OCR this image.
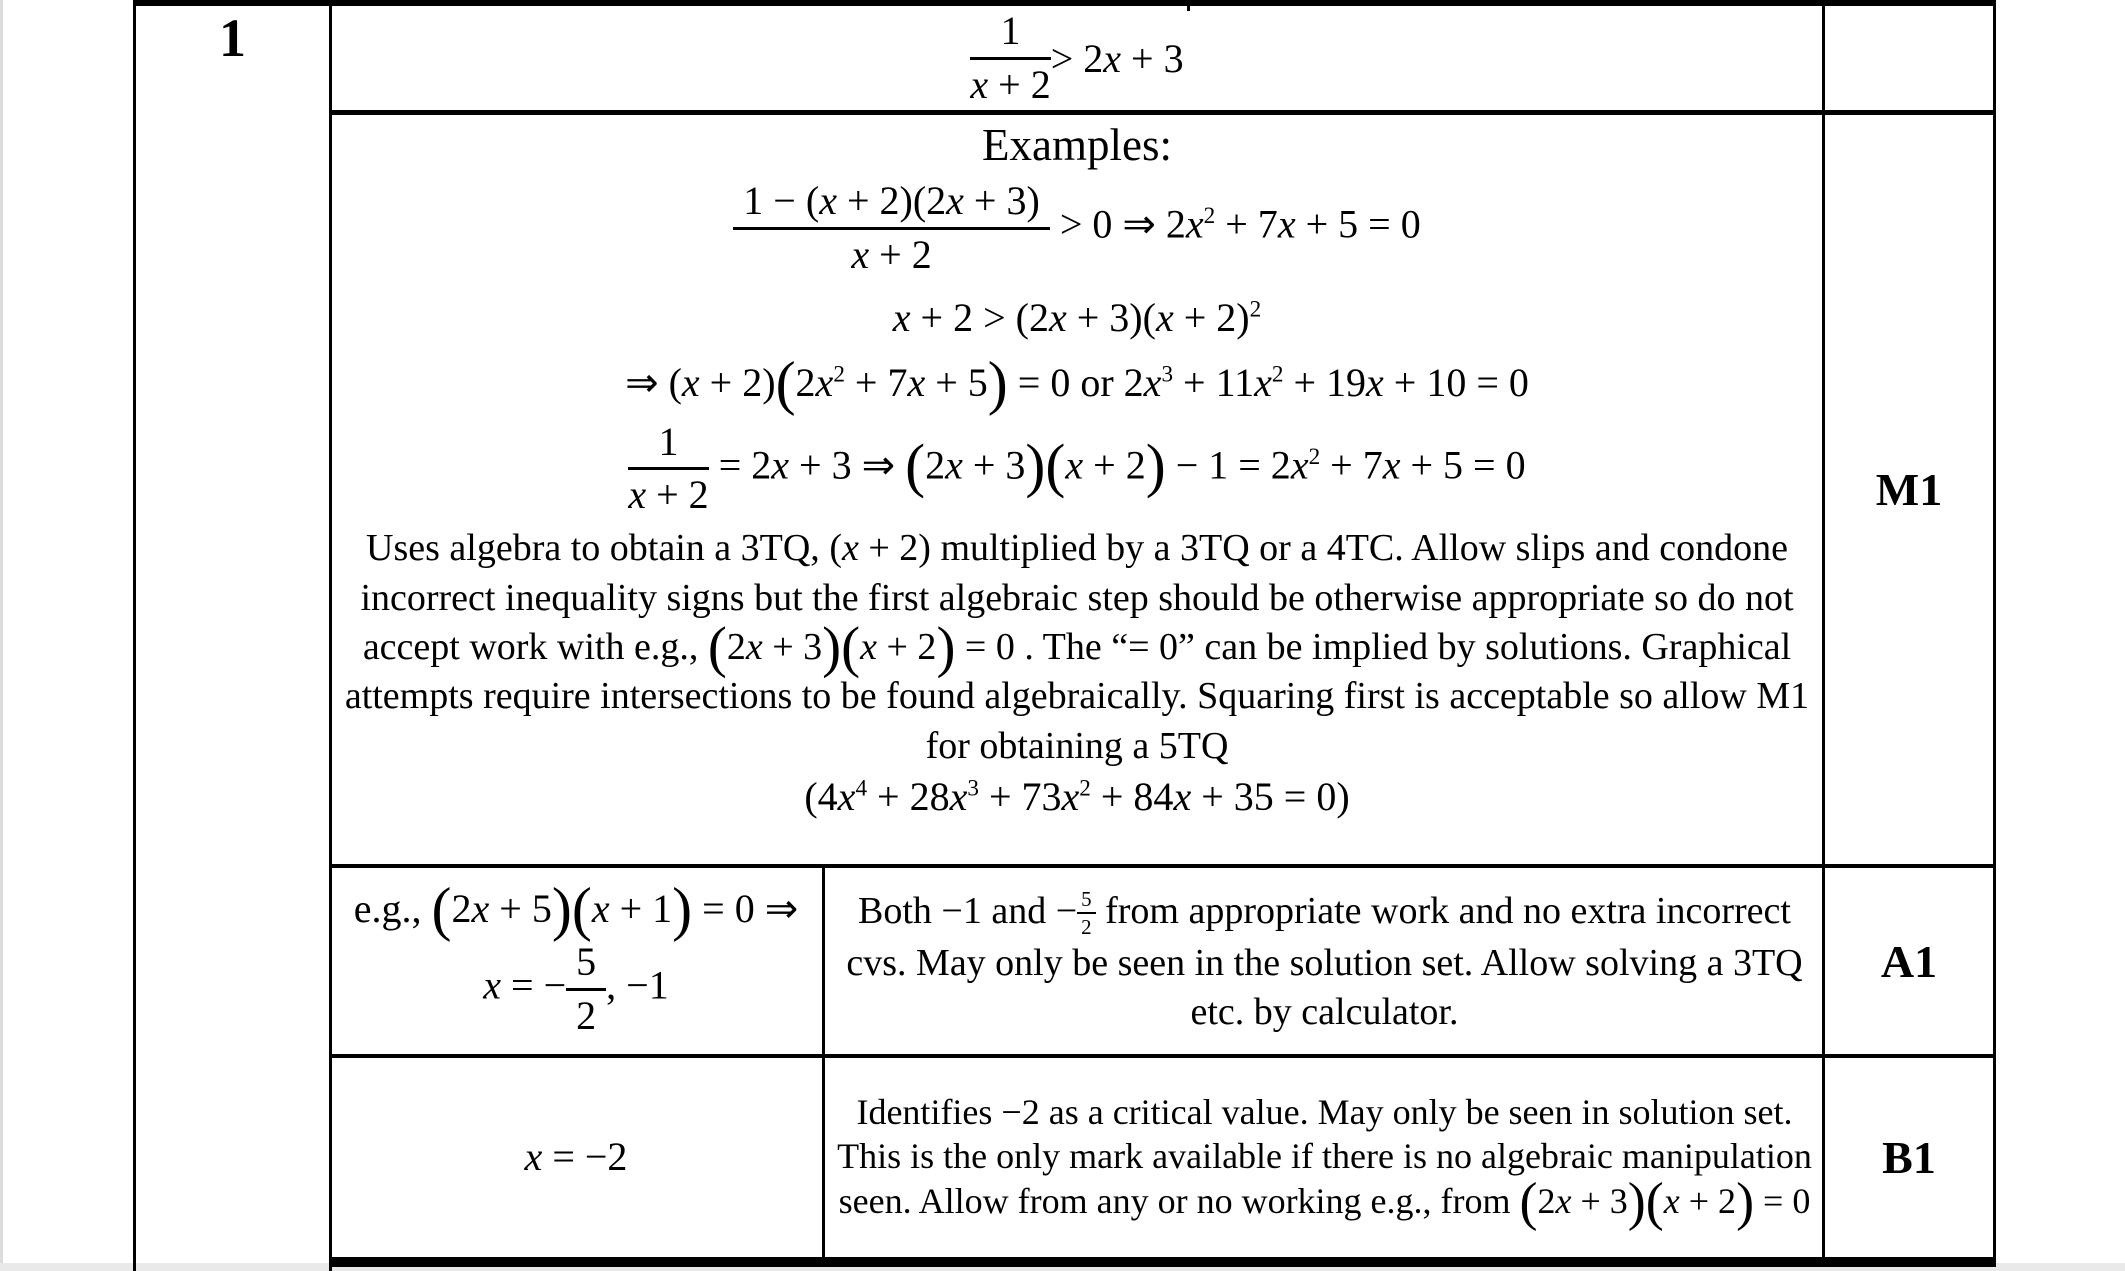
1	$\frac{1}{x + 2} > 2x + 3$
Examples:
$\frac{1 - (x + 2)(2x + 3)}{x + 2} > 0$ ⇒ $2x^2 + 7x + 5 = 0$
$x + 2 > (2x + 3)(x + 2)^2$
⇒ $(x + 2)(2x^2 + 7x + 5) = 0$ or $2x^3 + 11x^2 + 19x + 10 = 0$
$\frac{1}{x + 2} = 2x + 3$ ⇒ $(2x + 3)(x + 2) - 1 = 2x^2 + 7x + 5 = 0$
Uses algebra to obtain a 3TQ, (x + 2) multiplied by a 3TQ or a 4TC. Allow slips and condone incorrect inequality signs but the first algebraic step should be otherwise appropriate so do not accept work with e.g., (2x + 3)(x + 2) = 0 . The “= 0” can be implied by solutions. Graphical attempts require intersections to be found algebraically. Squaring first is acceptable so allow M1 for obtaining a 5TQ
$(4x^4 + 28x^3 + 73x^2 + 84x + 35 = 0)$
M1
e.g., (2x + 5)(x + 1) = 0 ⇒
x = − $\frac{5}{2}$ , −1
Both −1 and − $\frac{5}{2}$ from appropriate work and no extra incorrect cvs. May only be seen in the solution set. Allow solving a 3TQ etc. by calculator.
A1
x = −2
Identifies −2 as a critical value. May only be seen in solution set. This is the only mark available if there is no algebraic manipulation seen. Allow from any or no working e.g., from (2x + 3)(x + 2) = 0
B1
